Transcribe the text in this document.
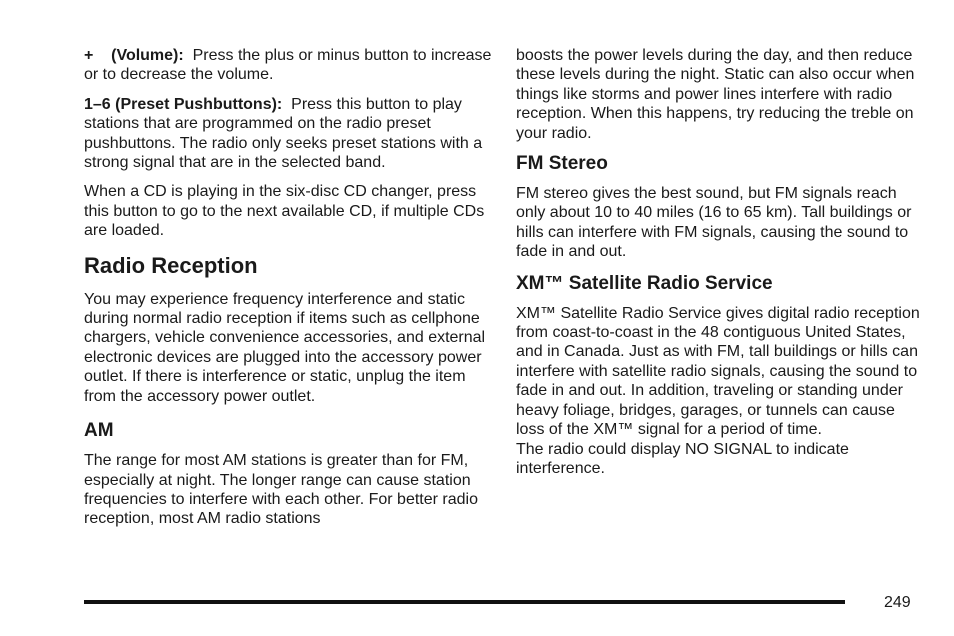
+    (Volume): Press the plus or minus button to increase or to decrease the volume.

1–6 (Preset Pushbuttons): Press this button to play stations that are programmed on the radio preset pushbuttons. The radio only seeks preset stations with a strong signal that are in the selected band.

When a CD is playing in the six-disc CD changer, press this button to go to the next available CD, if multiple CDs are loaded.

Radio Reception

You may experience frequency interference and static during normal radio reception if items such as cellphone chargers, vehicle convenience accessories, and external electronic devices are plugged into the accessory power outlet. If there is interference or static, unplug the item from the accessory power outlet.

AM

The range for most AM stations is greater than for FM, especially at night. The longer range can cause station frequencies to interfere with each other. For better radio reception, most AM radio stations

boosts the power levels during the day, and then reduce these levels during the night. Static can also occur when things like storms and power lines interfere with radio reception. When this happens, try reducing the treble on your radio.

FM Stereo

FM stereo gives the best sound, but FM signals reach only about 10 to 40 miles (16 to 65 km). Tall buildings or hills can interfere with FM signals, causing the sound to fade in and out.

XM™ Satellite Radio Service

XM™ Satellite Radio Service gives digital radio reception from coast-to-coast in the 48 contiguous United States, and in Canada. Just as with FM, tall buildings or hills can interfere with satellite radio signals, causing the sound to fade in and out. In addition, traveling or standing under heavy foliage, bridges, garages, or tunnels can cause loss of the XM™ signal for a period of time.

The radio could display NO SIGNAL to indicate interference.

249
